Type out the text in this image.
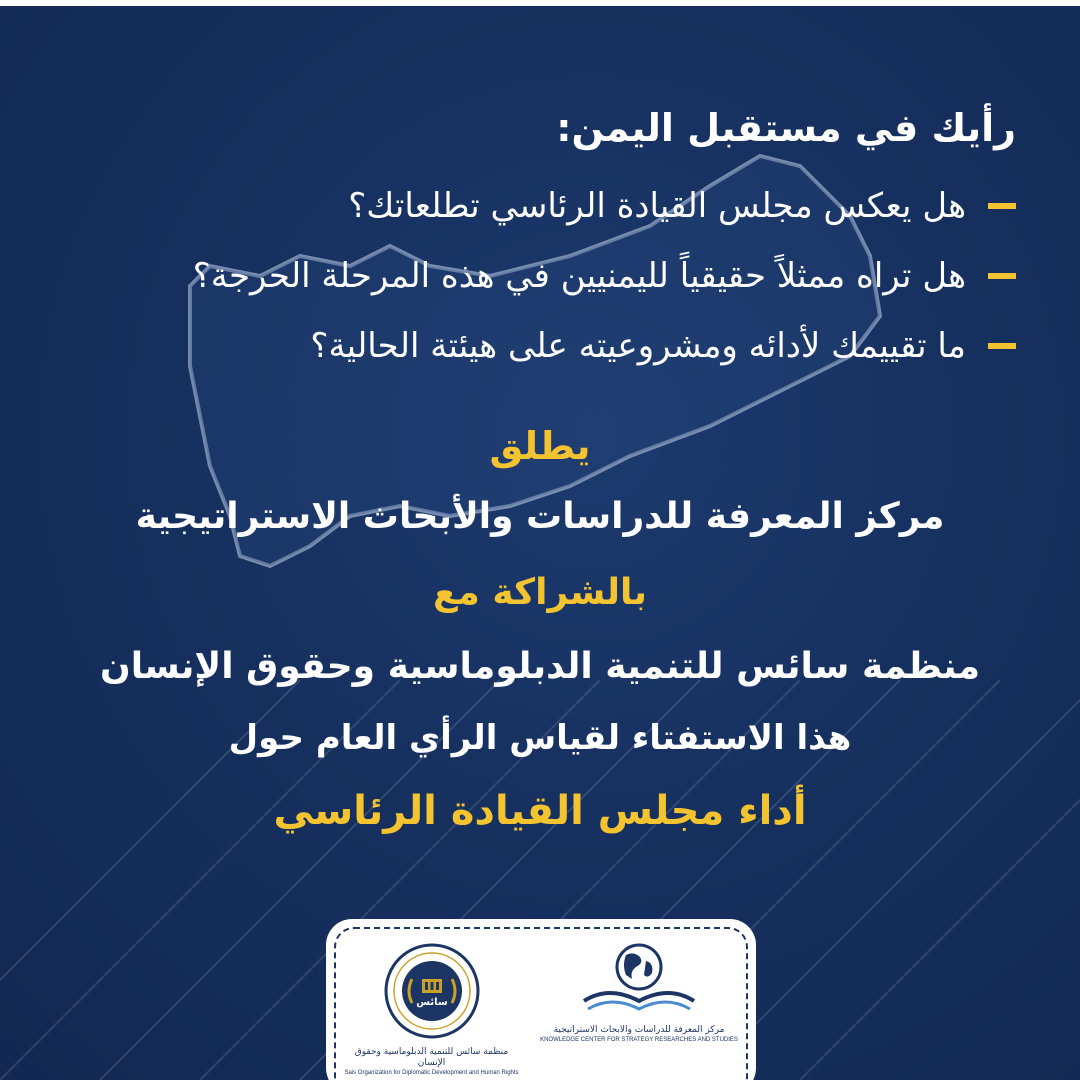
رأيك في مستقبل اليمن:
هل يعكس مجلس القيادة الرئاسي تطلعاتك؟
هل تراه ممثلاً حقيقياً لليمنيين في هذه المرحلة الحرجة؟
ما تقييمك لأدائه ومشروعيته على هيئتة الحالية؟

يطلق

مركز المعرفة للدراسات والأبحاث الاستراتيجية

بالشراكة مع

منظمة سائس للتنمية الدبلوماسية وحقوق الإنسان

هذا الاستفتاء لقياس الرأي العام حول

أداء مجلس القيادة الرئاسي

سائس
منظمة سائس للتنمية الدبلوماسية وحقوق الإنسان
Sais Organization for Diplomatic Development and Human Rights
مركز المعرفة للدراسات والابحاث الاستراتيجية
KNOWLEDGE CENTER FOR STRATEGY RESEARCHES AND STUDIES
